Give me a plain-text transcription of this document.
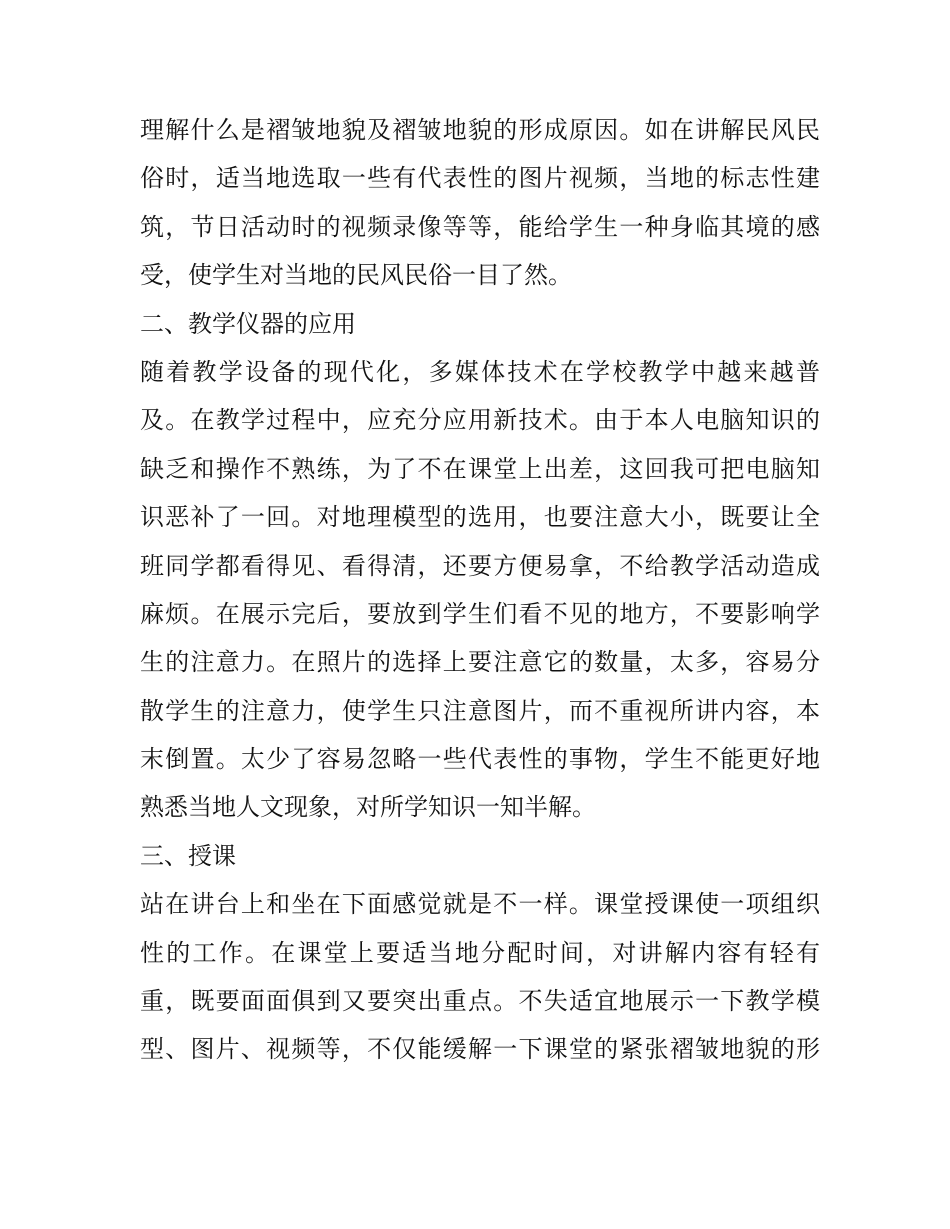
理解什么是褶皱地貌及褶皱地貌的形成原因。如在讲解民风民
俗时，适当地选取一些有代表性的图片视频，当地的标志性建
筑，节日活动时的视频录像等等，能给学生一种身临其境的感
受，使学生对当地的民风民俗一目了然。
二、教学仪器的应用
随着教学设备的现代化，多媒体技术在学校教学中越来越普
及。在教学过程中，应充分应用新技术。由于本人电脑知识的
缺乏和操作不熟练，为了不在课堂上出差，这回我可把电脑知
识恶补了一回。对地理模型的选用，也要注意大小，既要让全
班同学都看得见、看得清，还要方便易拿，不给教学活动造成
麻烦。在展示完后，要放到学生们看不见的地方，不要影响学
生的注意力。在照片的选择上要注意它的数量，太多，容易分
散学生的注意力，使学生只注意图片，而不重视所讲内容，本
末倒置。太少了容易忽略一些代表性的事物，学生不能更好地
熟悉当地人文现象，对所学知识一知半解。
三、授课
站在讲台上和坐在下面感觉就是不一样。课堂授课使一项组织
性的工作。在课堂上要适当地分配时间，对讲解内容有轻有
重，既要面面俱到又要突出重点。不失适宜地展示一下教学模
型、图片、视频等，不仅能缓解一下课堂的紧张褶皱地貌的形
